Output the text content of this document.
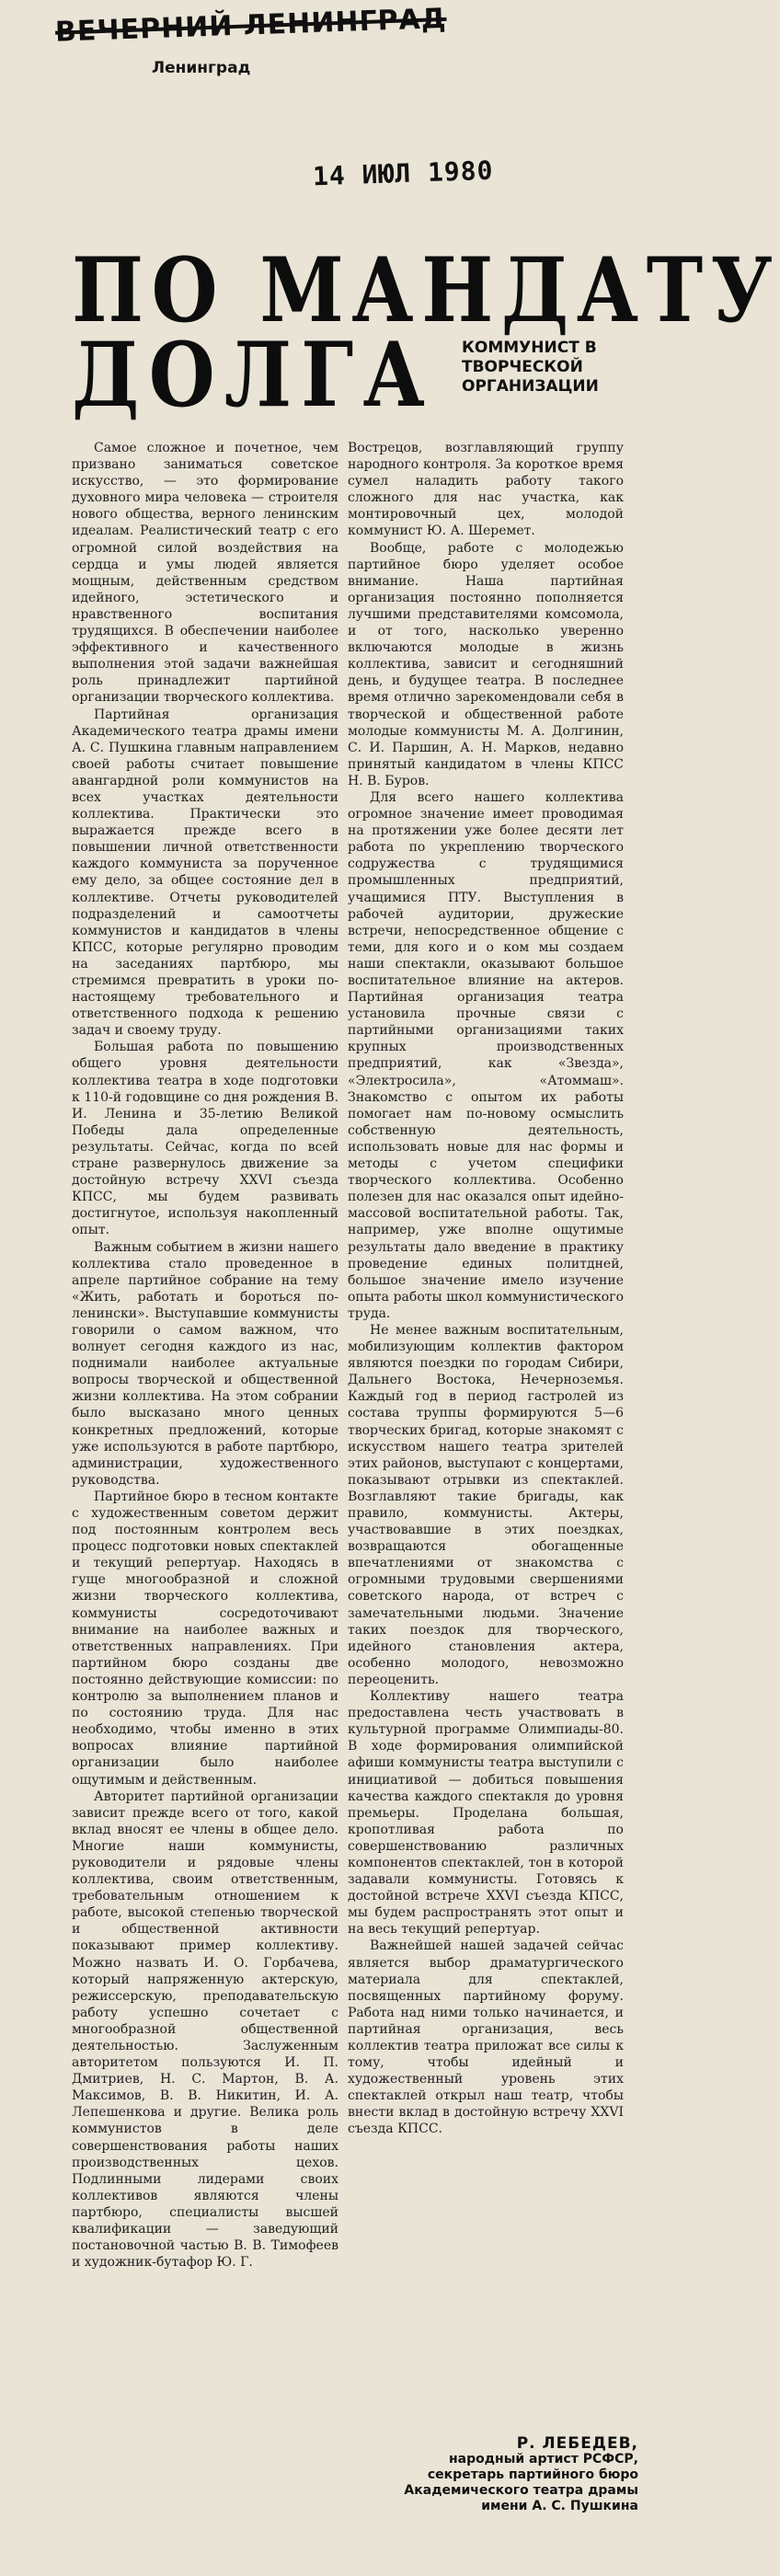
ВЕЧЕРНИЙ ЛЕНИНГРАД
Ленинград
14 ИЮЛ 1980
ПО МАНДАТУ
ДОЛГА КОММУНИСТ В ТВОРЧЕСКОЙ ОРГАНИЗАЦИИ

Самое сложное и почетное, чем призвано заниматься советское искусство, — это формирование духовного мира человека — строителя нового общества, верного ленинским идеалам. Реалистический театр с его огромной силой воздействия на сердца и умы людей является мощным, действенным средством идейного, эстетического и нравственного воспитания трудящихся. В обеспечении наиболее эффективного и качественного выполнения этой задачи важнейшая роль принадлежит партийной организации творческого коллектива.

Партийная организация Академического театра драмы имени А. С. Пушкина главным направлением своей работы считает повышение авангардной роли коммунистов на всех участках деятельности коллектива. Практически это выражается прежде всего в повышении личной ответственности каждого коммуниста за порученное ему дело, за общее состояние дел в коллективе. Отчеты руководителей подразделений и самоотчеты коммунистов и кандидатов в члены КПСС, которые регулярно проводим на заседаниях партбюро, мы стремимся превратить в уроки по-настоящему требовательного и ответственного подхода к решению задач и своему труду.

Большая работа по повышению общего уровня деятельности коллектива театра в ходе подготовки к 110-й годовщине со дня рождения В. И. Ленина и 35-летию Великой Победы дала определенные результаты. Сейчас, когда по всей стране развернулось движение за достойную встречу XXVI съезда КПСС, мы будем развивать достигнутое, используя накопленный опыт.

Важным событием в жизни нашего коллектива стало проведенное в апреле партийное собрание на тему «Жить, работать и бороться по-ленински». Выступавшие коммунисты говорили о самом важном, что волнует сегодня каждого из нас, поднимали наиболее актуальные вопросы творческой и общественной жизни коллектива. На этом собрании было высказано много ценных конкретных предложений, которые уже используются в работе партбюро, администрации, художественного руководства.

Партийное бюро в тесном контакте с художественным советом держит под постоянным контролем весь процесс подготовки новых спектаклей и текущий репертуар. Находясь в гуще многообразной и сложной жизни творческого коллектива, коммунисты сосредоточивают внимание на наиболее важных и ответственных направлениях. При партийном бюро созданы две постоянно действующие комиссии: по контролю за выполнением планов и по состоянию труда. Для нас необходимо, чтобы именно в этих вопросах влияние партийной организации было наиболее ощутимым и действенным.

Авторитет партийной организации зависит прежде всего от того, какой вклад вносят ее члены в общее дело. Многие наши коммунисты, руководители и рядовые члены коллектива, своим ответственным, требовательным отношением к работе, высокой степенью творческой и общественной активности показывают пример коллективу. Можно назвать И. О. Горбачева, который напряженную актерскую, режиссерскую, преподавательскую работу успешно сочетает с многообразной общественной деятельностью. Заслуженным авторитетом пользуются И. П. Дмитриев, Н. С. Мартон, В. А. Максимов, В. В. Никитин, И. А. Лепешенкова и другие. Велика роль коммунистов в деле совершенствования работы наших производственных цехов. Подлинными лидерами своих коллективов являются члены партбюро, специалисты высшей квалификации — заведующий постановочной частью В. В. Тимофеев и художник-бутафор Ю. Г.

Вострецов, возглавляющий группу народного контроля. За короткое время сумел наладить работу такого сложного для нас участка, как монтировочный цех, молодой коммунист Ю. А. Шеремет.

Вообще, работе с молодежью партийное бюро уделяет особое внимание. Наша партийная организация постоянно пополняется лучшими представителями комсомола, и от того, насколько уверенно включаются молодые в жизнь коллектива, зависит и сегодняшний день, и будущее театра. В последнее время отлично зарекомендовали себя в творческой и общественной работе молодые коммунисты М. А. Долгинин, С. И. Паршин, А. Н. Марков, недавно принятый кандидатом в члены КПСС Н. В. Буров.

Для всего нашего коллектива огромное значение имеет проводимая на протяжении уже более десяти лет работа по укреплению творческого содружества с трудящимися промышленных предприятий, учащимися ПТУ. Выступления в рабочей аудитории, дружеские встречи, непосредственное общение с теми, для кого и о ком мы создаем наши спектакли, оказывают большое воспитательное влияние на актеров. Партийная организация театра установила прочные связи с партийными организациями таких крупных производственных предприятий, как «Звезда», «Электросила», «Атоммаш». Знакомство с опытом их работы помогает нам по-новому осмыслить собственную деятельность, использовать новые для нас формы и методы с учетом специфики творческого коллектива. Особенно полезен для нас оказался опыт идейно-массовой воспитательной работы. Так, например, уже вполне ощутимые результаты дало введение в практику проведение единых политдней, большое значение имело изучение опыта работы школ коммунистического труда.

Не менее важным воспитательным, мобилизующим коллектив фактором являются поездки по городам Сибири, Дальнего Востока, Нечерноземья. Каждый год в период гастролей из состава труппы формируются 5—6 творческих бригад, которые знакомят с искусством нашего театра зрителей этих районов, выступают с концертами, показывают отрывки из спектаклей. Возглавляют такие бригады, как правило, коммунисты. Актеры, участвовавшие в этих поездках, возвращаются обогащенные впечатлениями от знакомства с огромными трудовыми свершениями советского народа, от встреч с замечательными людьми. Значение таких поездок для творческого, идейного становления актера, особенно молодого, невозможно переоценить.

Коллективу нашего театра предоставлена честь участвовать в культурной программе Олимпиады-80. В ходе формирования олимпийской афиши коммунисты театра выступили с инициативой — добиться повышения качества каждого спектакля до уровня премьеры. Проделана большая, кропотливая работа по совершенствованию различных компонентов спектаклей, тон в которой задавали коммунисты. Готовясь к достойной встрече XXVI съезда КПСС, мы будем распространять этот опыт и на весь текущий репертуар.

Важнейшей нашей задачей сейчас является выбор драматургического материала для спектаклей, посвященных партийному форуму. Работа над ними только начинается, и партийная организация, весь коллектив театра приложат все силы к тому, чтобы идейный и художественный уровень этих спектаклей открыл наш театр, чтобы внести вклад в достойную встречу XXVI съезда КПСС.

Р. ЛЕБЕДЕВ,
народный артист РСФСР,
секретарь партийного бюро Академического театра драмы имени А. С. Пушкина
